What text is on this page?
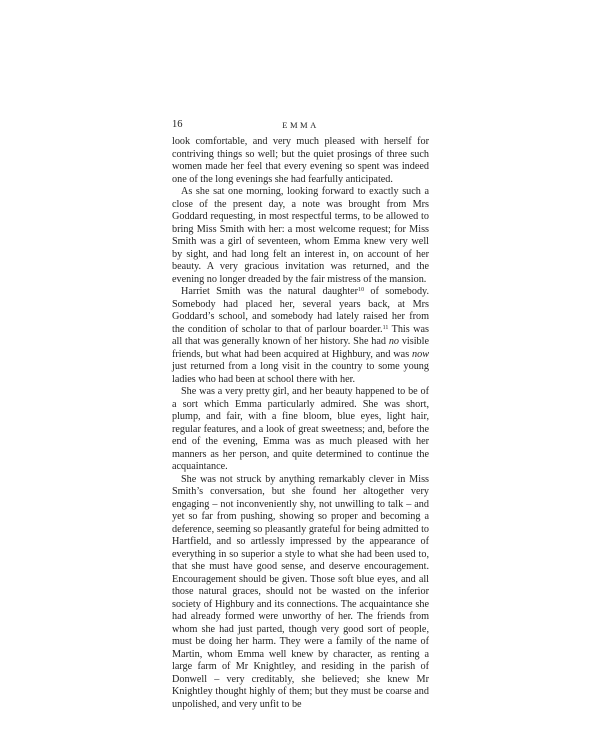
16	EMMA

look comfortable, and very much pleased with herself for contriving things so well; but the quiet prosings of three such women made her feel that every evening so spent was indeed one of the long evenings she had fearfully anticipated.

As she sat one morning, looking forward to exactly such a close of the present day, a note was brought from Mrs Goddard requesting, in most respectful terms, to be allowed to bring Miss Smith with her: a most welcome request; for Miss Smith was a girl of seventeen, whom Emma knew very well by sight, and had long felt an interest in, on account of her beauty. A very gracious invitation was returned, and the evening no longer dreaded by the fair mistress of the mansion.

Harriet Smith was the natural daughter$^{10}$ of somebody. Somebody had placed her, several years back, at Mrs Goddard’s school, and somebody had lately raised her from the condition of scholar to that of parlour boarder.$^{11}$ This was all that was generally known of her history. She had no visible friends, but what had been acquired at Highbury, and was now just returned from a long visit in the country to some young ladies who had been at school there with her.

She was a very pretty girl, and her beauty happened to be of a sort which Emma particularly admired. She was short, plump, and fair, with a fine bloom, blue eyes, light hair, regular features, and a look of great sweetness; and, before the end of the evening, Emma was as much pleased with her manners as her person, and quite determined to continue the acquaintance.

She was not struck by anything remarkably clever in Miss Smith’s conversation, but she found her altogether very engaging – not inconveniently shy, not unwilling to talk – and yet so far from pushing, showing so proper and becoming a deference, seeming so pleasantly grateful for being admitted to Hartfield, and so artlessly impressed by the appearance of everything in so superior a style to what she had been used to, that she must have good sense, and deserve encouragement. Encouragement should be given. Those soft blue eyes, and all those natural graces, should not be wasted on the inferior society of Highbury and its connections. The acquaintance she had already formed were unworthy of her. The friends from whom she had just parted, though very good sort of people, must be doing her harm. They were a family of the name of Martin, whom Emma well knew by character, as renting a large farm of Mr Knightley, and residing in the parish of Donwell – very creditably, she believed; she knew Mr Knightley thought highly of them; but they must be coarse and unpolished, and very unfit to be
